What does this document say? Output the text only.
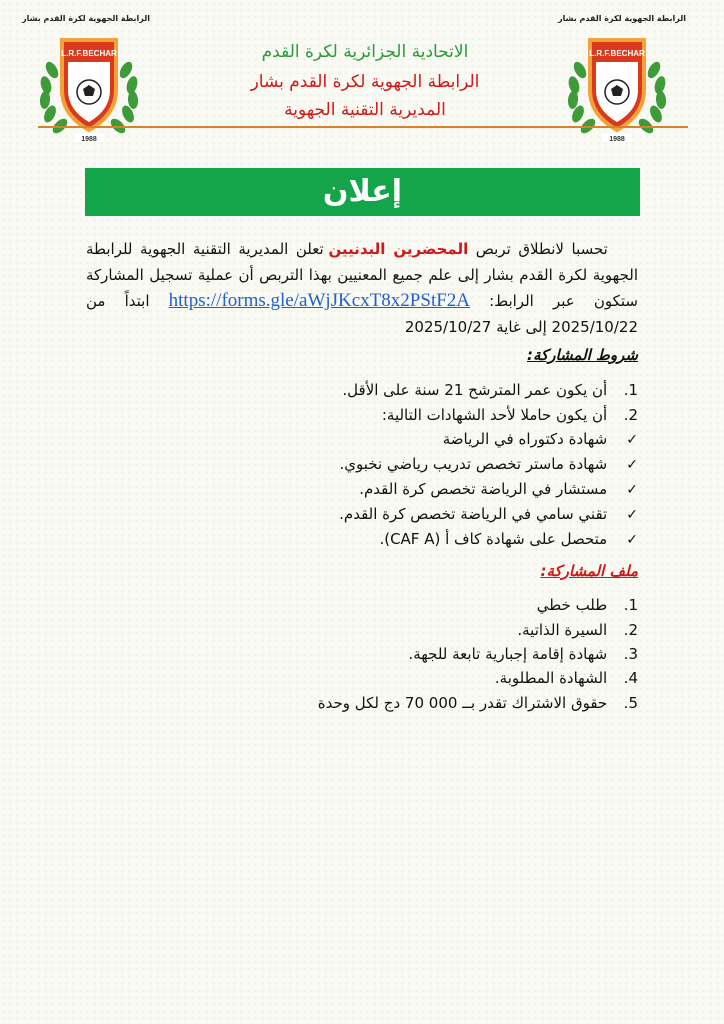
الرابطة الجهوية لكرة القدم بشار	الرابطة الجهوية لكرة القدم بشار
L.R.F.BECHAR
1988
L.R.F.BECHAR
1988
الاتحادية الجزائرية لكرة القدم
الرابطة الجهوية لكرة القدم بشار
المديرية التقنية الجهوية
إعلان
تحسبا لانطلاق تربص المحضرين البدنيين تعلن المديرية التقنية الجهوية للرابطة الجهوية لكرة القدم بشار إلى علم جميع المعنيين بهذا التربص أن عملية تسجيل المشاركة ستكون عبر الرابط: https://forms.gle/aWjJKcxT8x2PStF2A ابتداً من 2025/10/22 إلى غاية 2025/10/27
شروط المشاركة:
1. أن يكون عمر المترشح 21 سنة على الأقل.
2. أن يكون حاملا لأحد الشهادات التالية:
✓ شهادة دكتوراه في الرياضة
✓ شهادة ماستر تخصص تدريب رياضي نخبوي.
✓ مستشار في الرياضة تخصص كرة القدم.
✓ تقني سامي في الرياضة تخصص كرة القدم.
✓ متحصل على شهادة كاف أ (CAF A).
ملف المشاركة:
1. طلب خطي
2. السيرة الذاتية.
3. شهادة إقامة إجبارية تابعة للجهة.
4. الشهادة المطلوبة.
5. حقوق الاشتراك تقدر بــ 000 70 دج لكل وحدة
